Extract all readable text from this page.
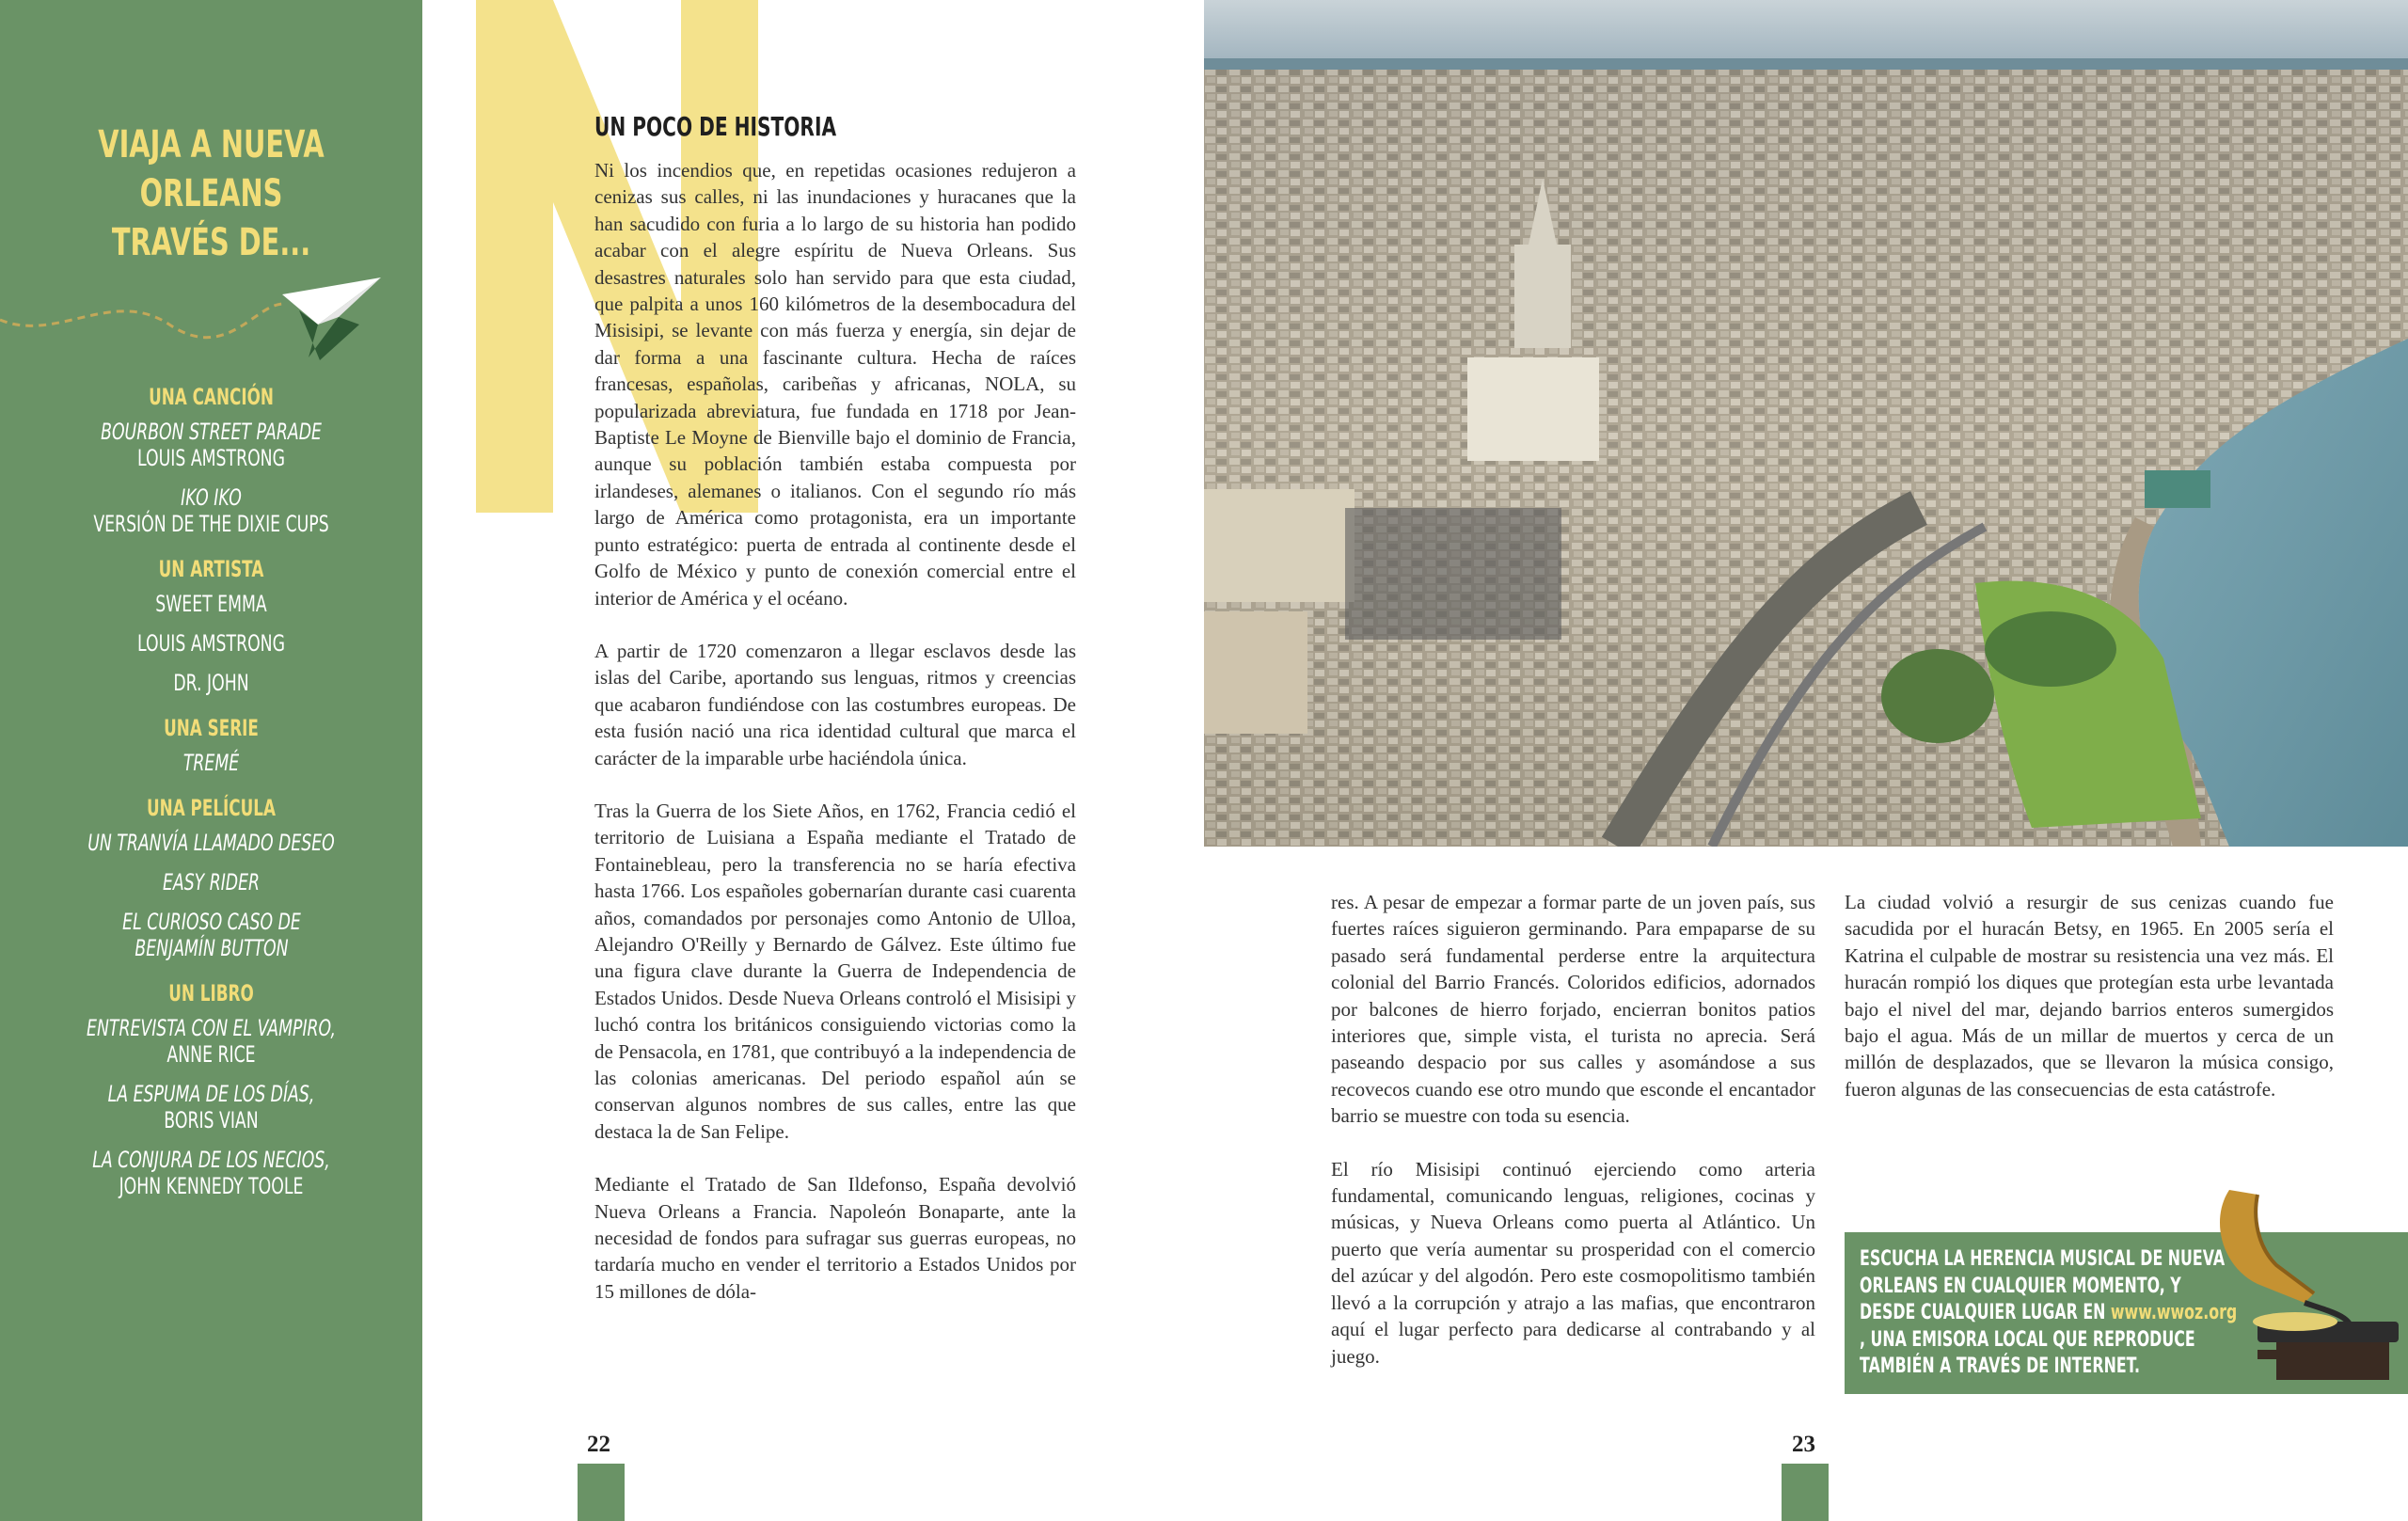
VIAJA A NUEVA
ORLEANS
TRAVÉS DE...
UNA CANCIÓN
BOURBON STREET PARADE
LOUIS AMSTRONG
IKO IKO
VERSIÓN DE THE DIXIE CUPS
UN ARTISTA
SWEET EMMA
LOUIS AMSTRONG
DR. JOHN
UNA SERIE
TREMÉ
UNA PELÍCULA
UN TRANVÍA LLAMADO DESEO
EASY RIDER
EL CURIOSO CASO DE BENJAMÍN BUTTON
UN LIBRO
ENTREVISTA CON EL VAMPIRO,
ANNE RICE
LA ESPUMA DE LOS DÍAS,
BORIS VIAN
LA CONJURA DE LOS NECIOS,
JOHN KENNEDY TOOLE
UN POCO DE HISTORIA

Ni los incendios que, en repetidas ocasiones redujeron a cenizas sus calles, ni las inundaciones y huracanes que la han sacudido con furia a lo largo de su historia han podido acabar con el alegre espíritu de Nueva Orleans. Sus desastres naturales solo han servido para que esta ciudad, que palpita a unos 160 kilómetros de la desembocadura del Misisipi, se levante con más fuerza y energía, sin dejar de dar forma a una fascinante cultura. Hecha de raíces francesas, españolas, caribeñas y africanas, NOLA, su popularizada abreviatura, fue fundada en 1718 por Jean-Baptiste Le Moyne de Bienville bajo el dominio de Francia, aunque su población también estaba compuesta por irlandeses, alemanes o italianos. Con el segundo río más largo de América como protagonista, era un importante punto estratégico: puerta de entrada al continente desde el Golfo de México y punto de conexión comercial entre el interior de América y el océano.

A partir de 1720 comenzaron a llegar esclavos desde las islas del Caribe, aportando sus lenguas, ritmos y creencias que acabaron fundiéndose con las costumbres europeas. De esta fusión nació una rica identidad cultural que marca el carácter de la imparable urbe haciéndola única.

Tras la Guerra de los Siete Años, en 1762, Francia cedió el territorio de Luisiana a España mediante el Tratado de Fontainebleau, pero la transferencia no se haría efectiva hasta 1766. Los españoles gobernarían durante casi cuarenta años, comandados por personajes como Antonio de Ulloa, Alejandro O'Reilly y Bernardo de Gálvez. Este último fue una figura clave durante la Guerra de Independencia de Estados Unidos. Desde Nueva Orleans controló el Misisipi y luchó contra los británicos consiguiendo victorias como la de Pensacola, en 1781, que contribuyó a la independencia de las colonias americanas. Del periodo español aún se conservan algunos nombres de sus calles, entre las que destaca la de San Felipe.

Mediante el Tratado de San Ildefonso, España devolvió Nueva Orleans a Francia. Napoleón Bonaparte, ante la necesidad de fondos para sufragar sus guerras europeas, no tardaría mucho en vender el territorio a Estados Unidos por 15 millones de dóla-

res. A pesar de empezar a formar parte de un joven país, sus fuertes raíces siguieron germinando. Para empaparse de su pasado será fundamental perderse entre la arquitectura colonial del Barrio Francés. Coloridos edificios, adornados por balcones de hierro forjado, encierran bonitos patios interiores que, simple vista, el turista no aprecia. Será paseando despacio por sus calles y asomándose a sus recovecos cuando ese otro mundo que esconde el encantador barrio se muestre con toda su esencia.

El río Misisipi continuó ejerciendo como arteria fundamental, comunicando lenguas, religiones, cocinas y músicas, y Nueva Orleans como puerta al Atlántico. Un puerto que vería aumentar su prosperidad con el comercio del azúcar y del algodón. Pero este cosmopolitismo también llevó a la corrupción y atrajo a las mafias, que encontraron aquí el lugar perfecto para dedicarse al contrabando y al juego.

La ciudad volvió a resurgir de sus cenizas cuando fue sacudida por el huracán Betsy, en 1965. En 2005 sería el Katrina el culpable de mostrar su resistencia una vez más. El huracán rompió los diques que protegían esta urbe levantada bajo el nivel del mar, dejando barrios enteros sumergidos bajo el agua. Más de un millar de muertos y cerca de un millón de desplazados, que se llevaron la música consigo, fueron algunas de las consecuencias de esta catástrofe.

ESCUCHA LA HERENCIA MUSICAL DE NUEVA ORLEANS EN CUALQUIER MOMENTO, Y DESDE CUALQUIER LUGAR EN www.wwoz.org , UNA EMISORA LOCAL QUE REPRODUCE TAMBIÉN A TRAVÉS DE INTERNET.
22	23
